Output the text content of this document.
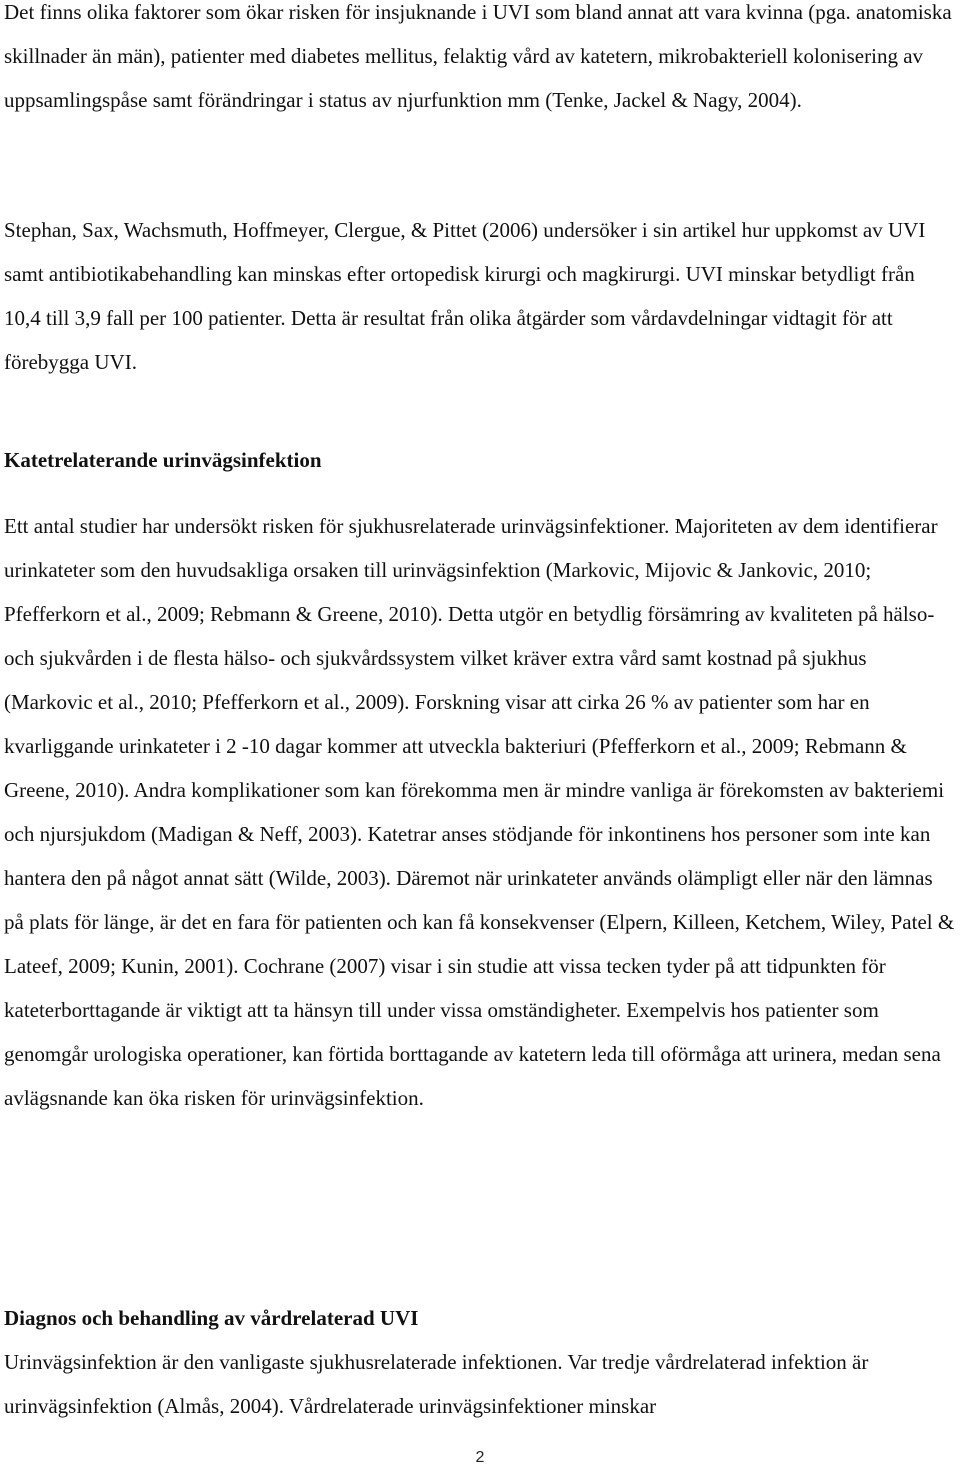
Det finns olika faktorer som ökar risken för insjuknande i UVI som bland annat att vara kvinna (pga. anatomiska skillnader än män), patienter med diabetes mellitus, felaktig vård av katetern, mikrobakteriell kolonisering av uppsamlingspåse samt förändringar i status av njurfunktion mm (Tenke, Jackel & Nagy, 2004).

Stephan, Sax, Wachsmuth, Hoffmeyer, Clergue, & Pittet (2006) undersöker i sin artikel hur uppkomst av UVI samt antibiotikabehandling kan minskas efter ortopedisk kirurgi och magkirurgi. UVI minskar betydligt från 10,4 till 3,9 fall per 100 patienter. Detta är resultat från olika åtgärder som vårdavdelningar vidtagit för att förebygga UVI.

Katetrelaterande urinvägsinfektion

Ett antal studier har undersökt risken för sjukhusrelaterade urinvägsinfektioner. Majoriteten av dem identifierar urinkateter som den huvudsakliga orsaken till urinvägsinfektion (Markovic, Mijovic & Jankovic, 2010; Pfefferkorn et al., 2009; Rebmann & Greene, 2010). Detta utgör en betydlig försämring av kvaliteten på hälso- och sjukvården i de flesta hälso- och sjukvårdssystem vilket kräver extra vård samt kostnad på sjukhus (Markovic et al., 2010; Pfefferkorn et al., 2009). Forskning visar att cirka 26 % av patienter som har en kvarliggande urinkateter i 2 -10 dagar kommer att utveckla bakteriuri (Pfefferkorn et al., 2009; Rebmann & Greene, 2010). Andra komplikationer som kan förekomma men är mindre vanliga är förekomsten av bakteriemi och njursjukdom (Madigan & Neff, 2003). Katetrar anses stödjande för inkontinens hos personer som inte kan hantera den på något annat sätt (Wilde, 2003). Däremot när urinkateter används olämpligt eller när den lämnas på plats för länge, är det en fara för patienten och kan få konsekvenser (Elpern, Killeen, Ketchem, Wiley, Patel & Lateef, 2009; Kunin, 2001). Cochrane (2007) visar i sin studie att vissa tecken tyder på att tidpunkten för kateterborttagande är viktigt att ta hänsyn till under vissa omständigheter. Exempelvis hos patienter som genomgår urologiska operationer, kan förtida borttagande av katetern leda till oförmåga att urinera, medan sena avlägsnande kan öka risken för urinvägsinfektion.

Diagnos och behandling av vårdrelaterad UVI

Urinvägsinfektion är den vanligaste sjukhusrelaterade infektionen. Var tredje vårdrelaterad infektion är urinvägsinfektion (Almås, 2004). Vårdrelaterade urinvägsinfektioner minskar

2
